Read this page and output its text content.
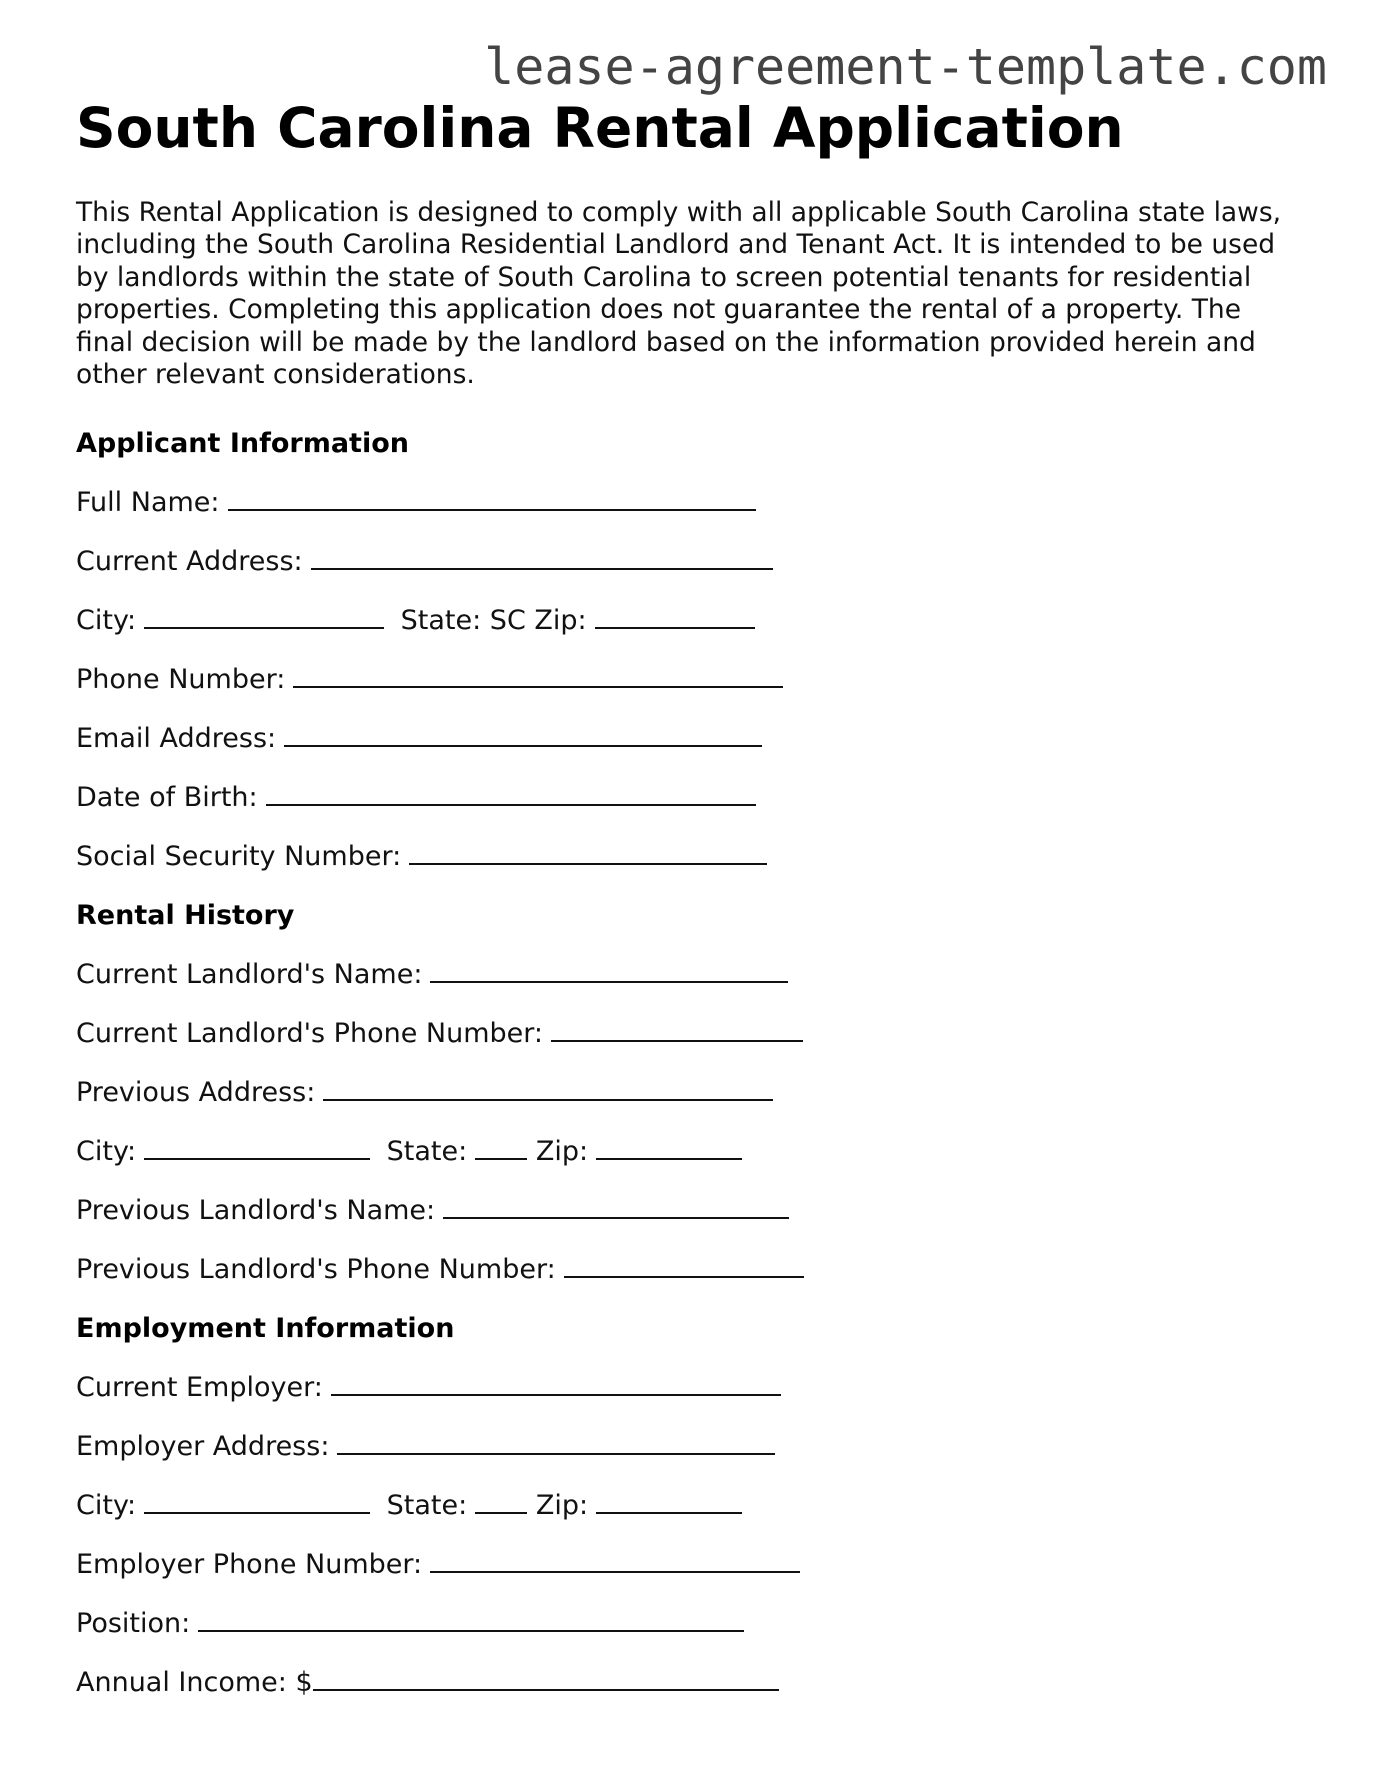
lease-agreement-template.com
South Carolina Rental Application

This Rental Application is designed to comply with all applicable South Carolina state laws, including the South Carolina Residential Landlord and Tenant Act. It is intended to be used by landlords within the state of South Carolina to screen potential tenants for residential properties. Completing this application does not guarantee the rental of a property. The final decision will be made by the landlord based on the information provided herein and other relevant considerations.

Applicant Information
Full Name:
Current Address:
City:	State: SC Zip:
Phone Number:
Email Address:
Date of Birth:
Social Security Number:
Rental History
Current Landlord's Name:
Current Landlord's Phone Number:
Previous Address:
City:	State:	Zip:
Previous Landlord's Name:
Previous Landlord's Phone Number:
Employment Information
Current Employer:
Employer Address:
City:	State:	Zip:
Employer Phone Number:
Position:
Annual Income: $
